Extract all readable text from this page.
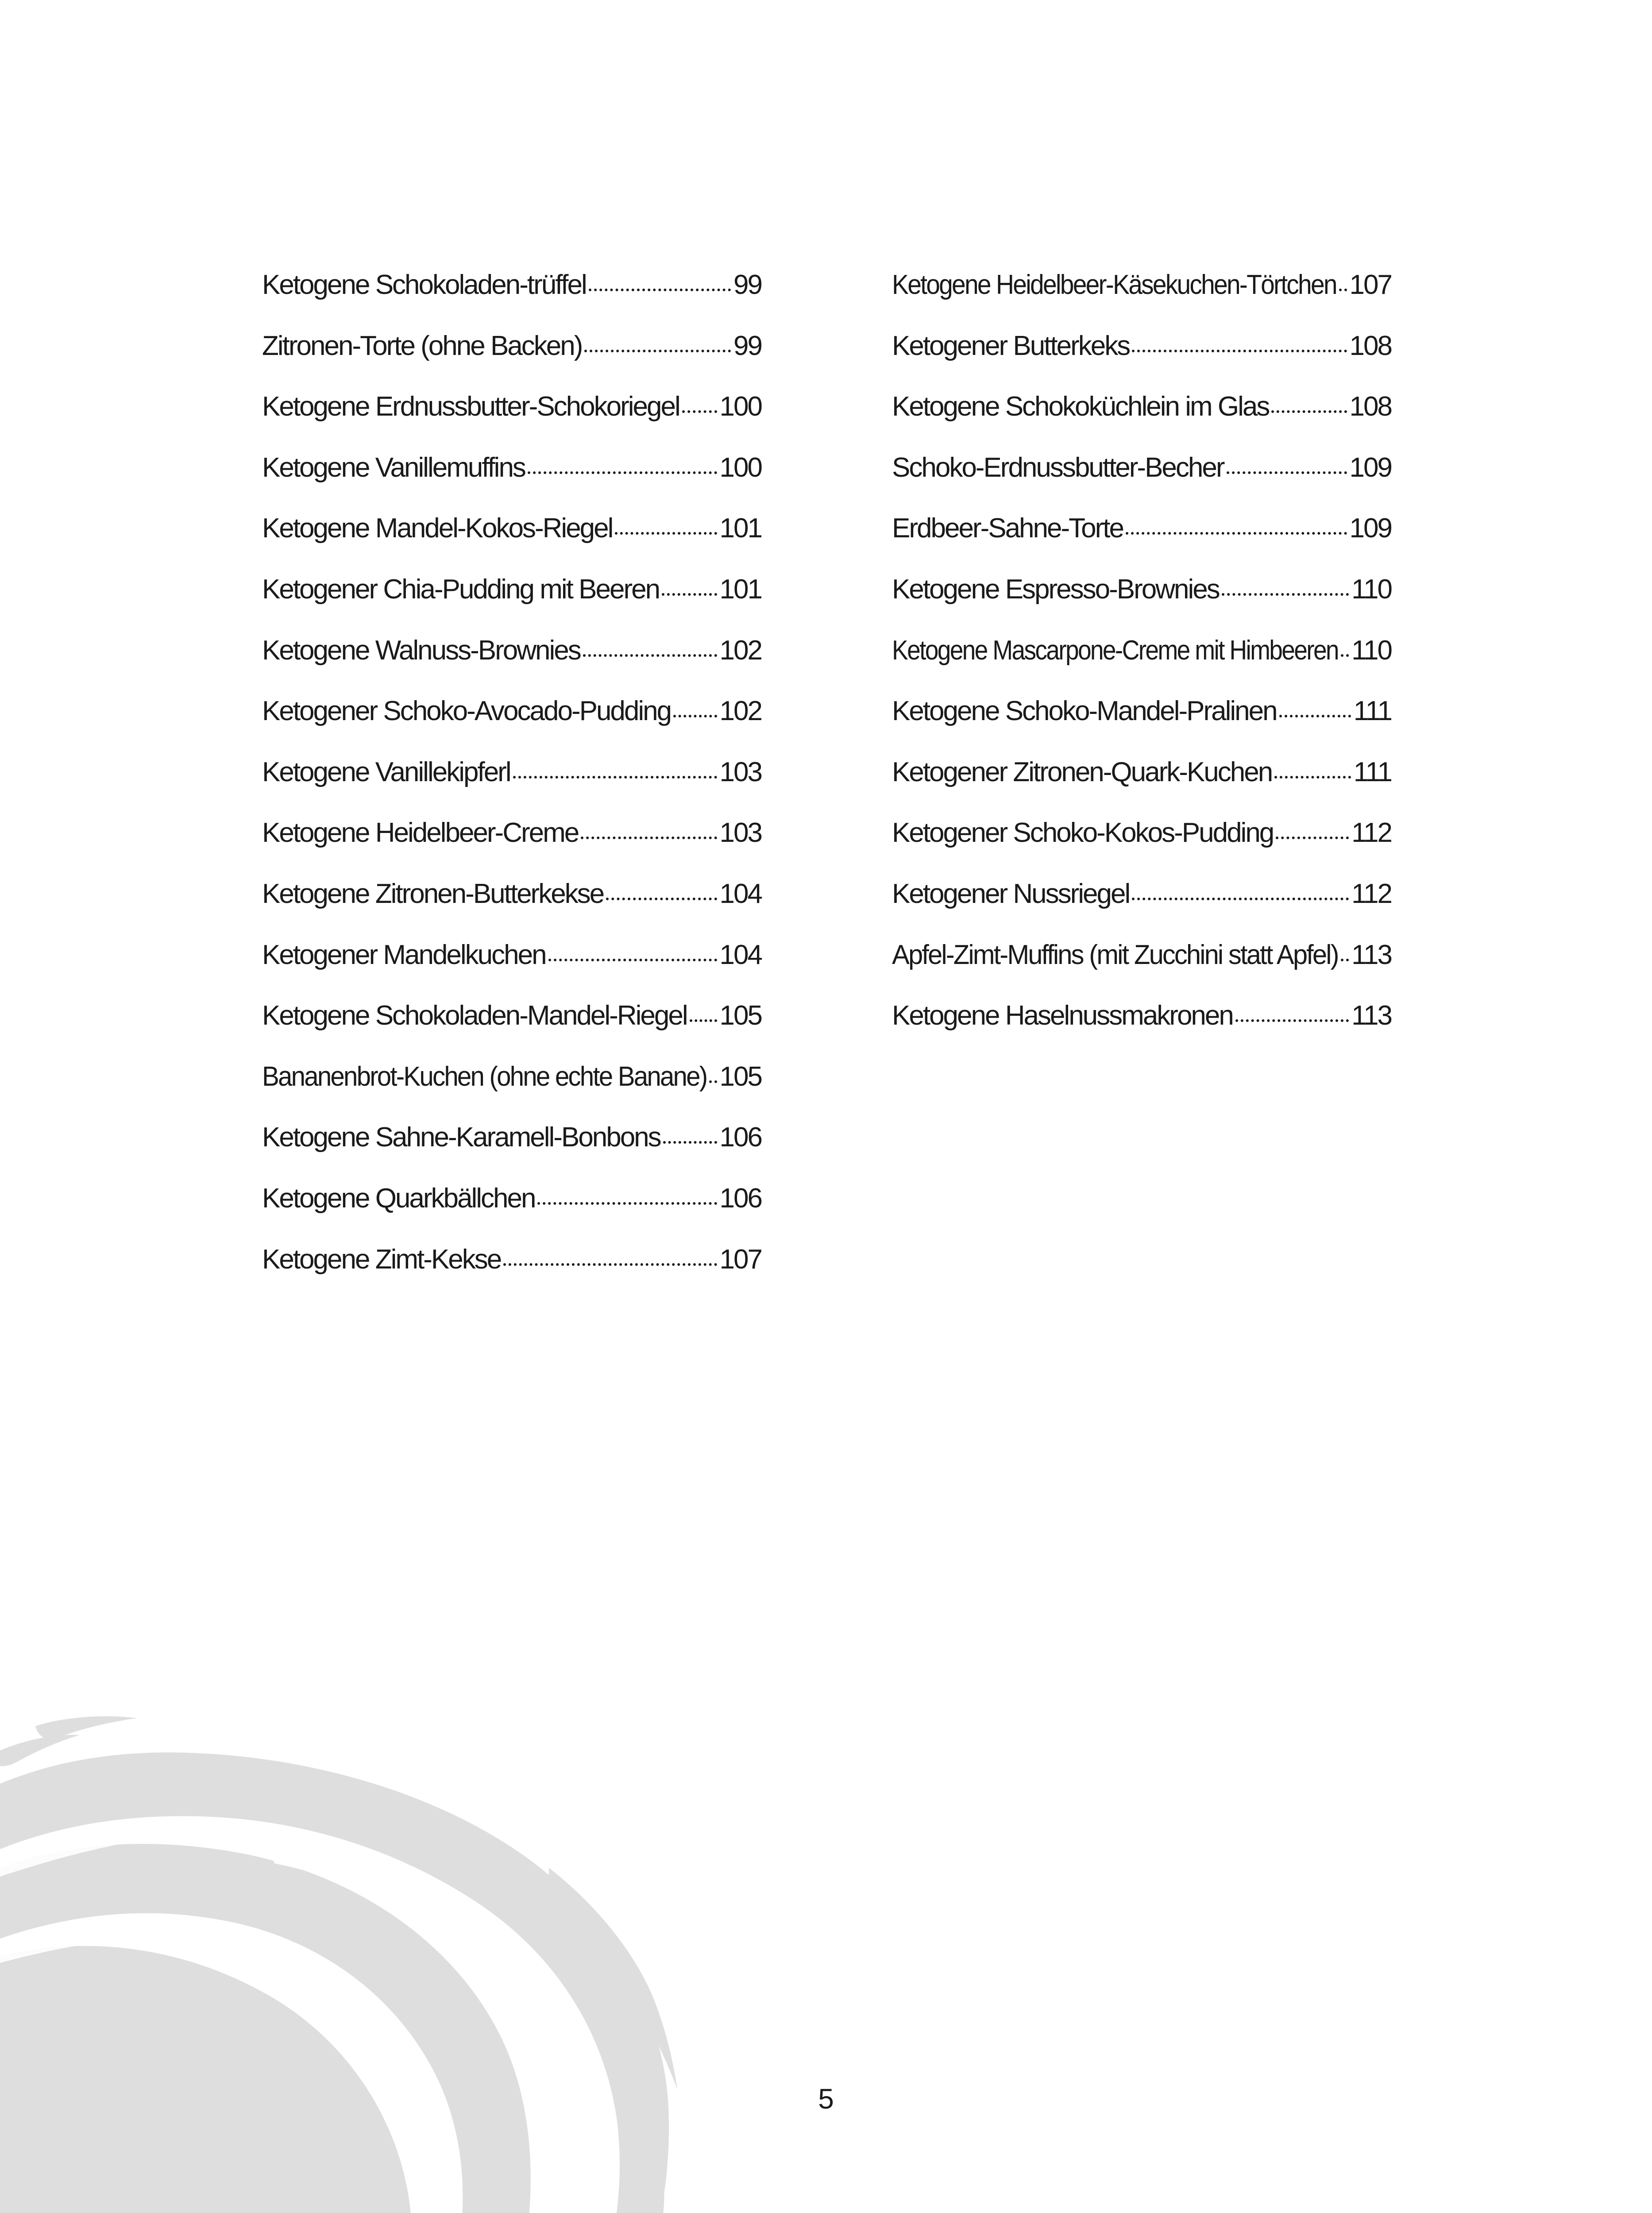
Ketogene Schokoladen-trüffel	99
Zitronen-Torte (ohne Backen)	99
Ketogene Erdnussbutter-Schokoriegel 100
Ketogene Vanillemuffins	100
Ketogene Mandel-Kokos-Riegel	101
Ketogener Chia-Pudding mit Beeren 101
Ketogene Walnuss-Brownies	102
Ketogener Schoko-Avocado-Pudding 102
Ketogene Vanillekipferl	103
Ketogene Heidelbeer-Creme	103
Ketogene Zitronen-Butterkekse	104
Ketogener Mandelkuchen	104
Ketogene Schokoladen-Mandel-Riegel 105
Bananenbrot-Kuchen (ohne echte Banane) 105
Ketogene Sahne-Karamell-Bonbons 106
Ketogene Quarkbällchen	106
Ketogene Zimt-Kekse	107
Ketogene Heidelbeer-Käsekuchen-Törtchen 107
Ketogener Butterkeks	108
Ketogene Schokoküchlein im Glas	108
Schoko-Erdnussbutter-Becher	109
Erdbeer-Sahne-Torte	109
Ketogene Espresso-Brownies	110
Ketogene Mascarpone-Creme mit Himbeeren 110
Ketogene Schoko-Mandel-Pralinen	111
Ketogener Zitronen-Quark-Kuchen	111
Ketogener Schoko-Kokos-Pudding	112
Ketogener Nussriegel	112
Apfel-Zimt-Muffins (mit Zucchini statt Apfel) 113
Ketogene Haselnussmakronen	113
5
